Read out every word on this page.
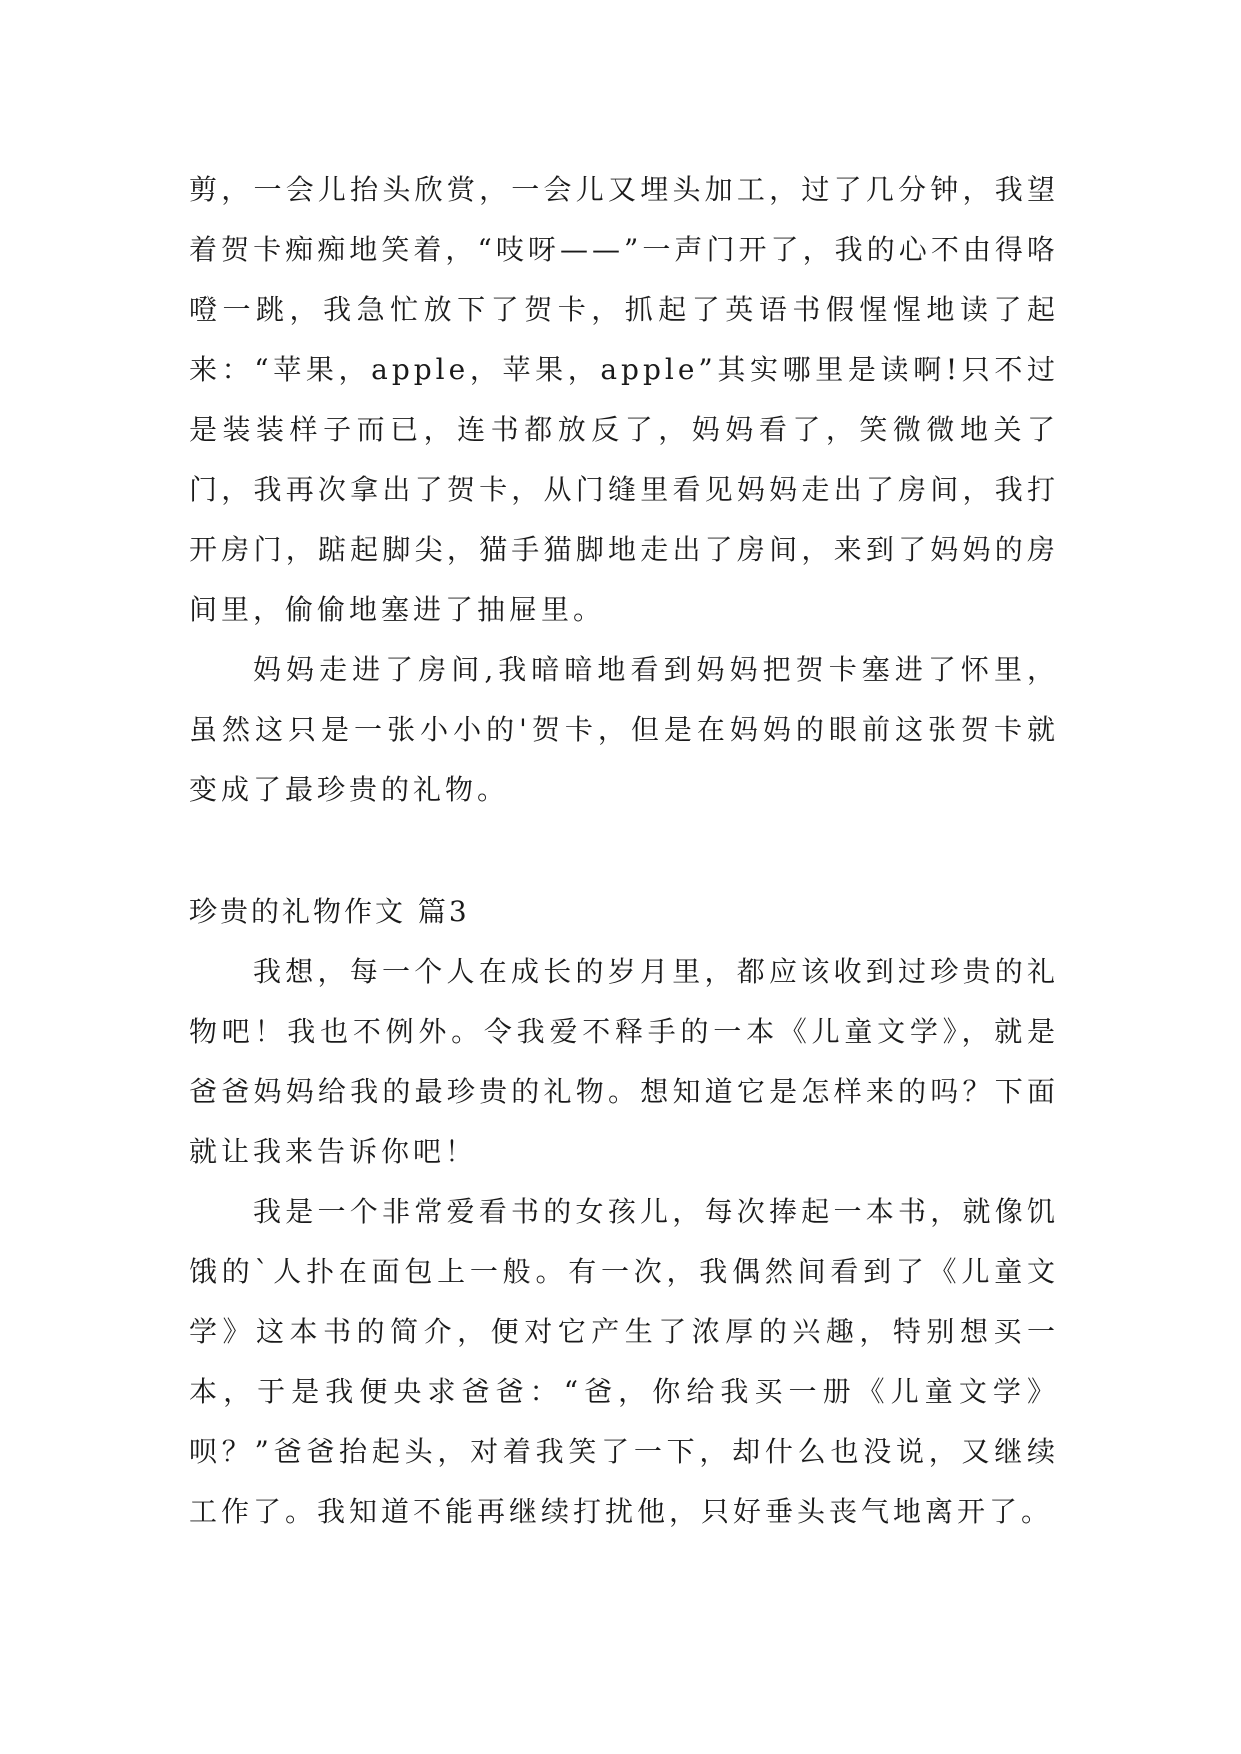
剪，一会儿抬头欣赏，一会儿又埋头加工，过了几分钟，我望着贺卡痴痴地笑着，“吱呀——”一声门开了，我的心不由得咯噔一跳，我急忙放下了贺卡，抓起了英语书假惺惺地读了起来：“苹果，apple，苹果，apple”其实哪里是读啊!只不过是装装样子而已，连书都放反了，妈妈看了，笑微微地关了门，我再次拿出了贺卡，从门缝里看见妈妈走出了房间，我打开房门，踮起脚尖，猫手猫脚地走出了房间，来到了妈妈的房间里，偷偷地塞进了抽屉里。

妈妈走进了房间,我暗暗地看到妈妈把贺卡塞进了怀里，虽然这只是一张小小的'贺卡，但是在妈妈的眼前这张贺卡就变成了最珍贵的礼物。

珍贵的礼物作文 篇3

我想，每一个人在成长的岁月里，都应该收到过珍贵的礼物吧！我也不例外。令我爱不释手的一本《儿童文学》，就是爸爸妈妈给我的最珍贵的礼物。想知道它是怎样来的吗？下面就让我来告诉你吧！

我是一个非常爱看书的女孩儿，每次捧起一本书，就像饥饿的`人扑在面包上一般。有一次，我偶然间看到了《儿童文学》这本书的简介，便对它产生了浓厚的兴趣，特别想买一本，于是我便央求爸爸：“爸，你给我买一册《儿童文学》呗？”爸爸抬起头，对着我笑了一下，却什么也没说，又继续工作了。我知道不能再继续打扰他，只好垂头丧气地离开了。
